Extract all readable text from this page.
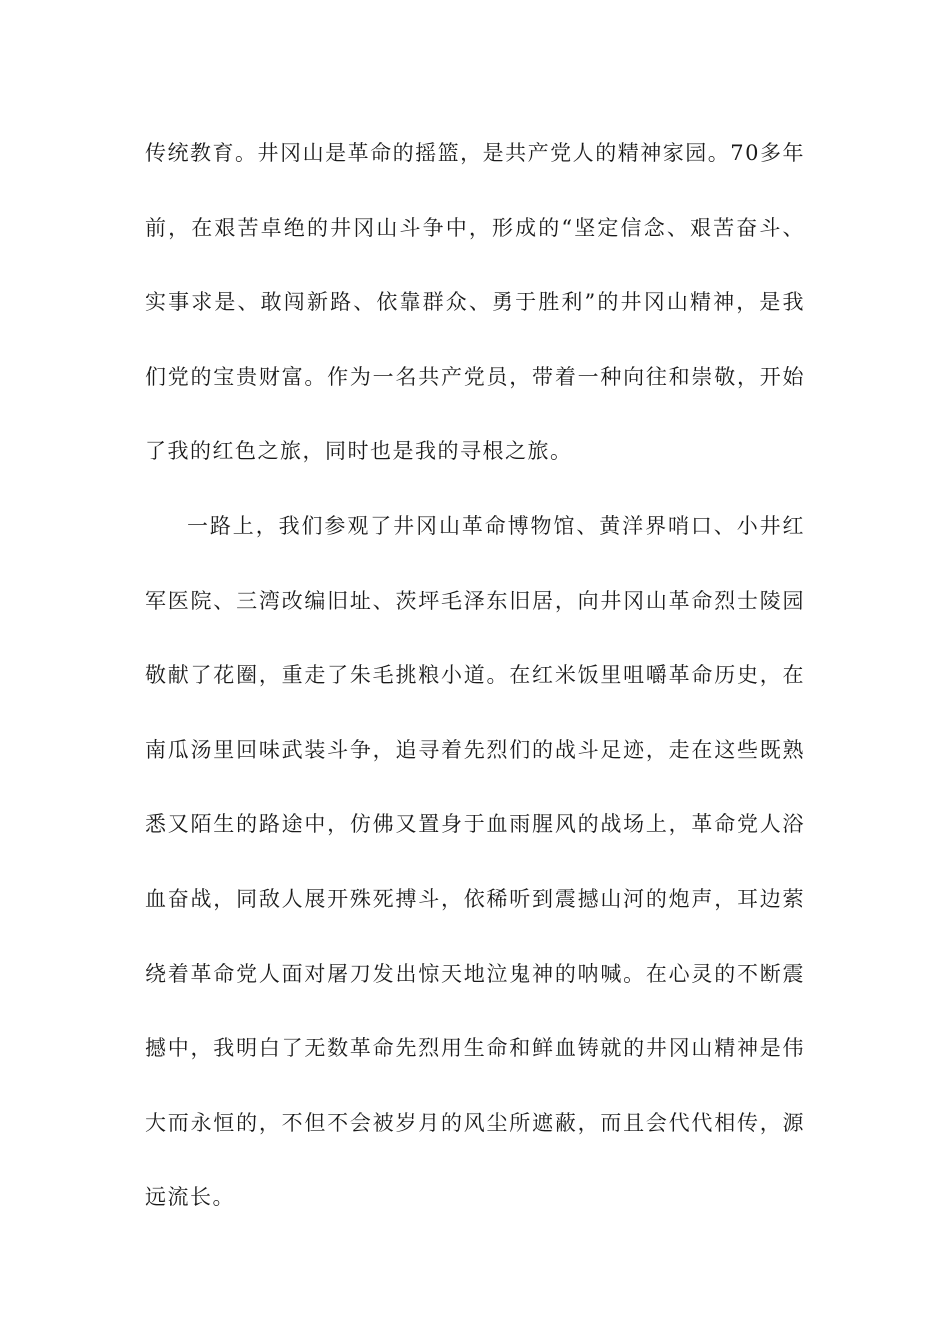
传统教育。井冈山是革命的摇篮，是共产党人的精神家园。70多年前，在艰苦卓绝的井冈山斗争中，形成的“坚定信念、艰苦奋斗、实事求是、敢闯新路、依靠群众、勇于胜利”的井冈山精神，是我们党的宝贵财富。作为一名共产党员，带着一种向往和崇敬，开始了我的红色之旅，同时也是我的寻根之旅。

一路上，我们参观了井冈山革命博物馆、黄洋界哨口、小井红军医院、三湾改编旧址、茨坪毛泽东旧居，向井冈山革命烈士陵园敬献了花圈，重走了朱毛挑粮小道。在红米饭里咀嚼革命历史，在南瓜汤里回味武装斗争，追寻着先烈们的战斗足迹，走在这些既熟悉又陌生的路途中，仿佛又置身于血雨腥风的战场上，革命党人浴血奋战，同敌人展开殊死搏斗，依稀听到震撼山河的炮声，耳边萦绕着革命党人面对屠刀发出惊天地泣鬼神的呐喊。在心灵的不断震撼中，我明白了无数革命先烈用生命和鲜血铸就的井冈山精神是伟大而永恒的，不但不会被岁月的风尘所遮蔽，而且会代代相传，源远流长。
